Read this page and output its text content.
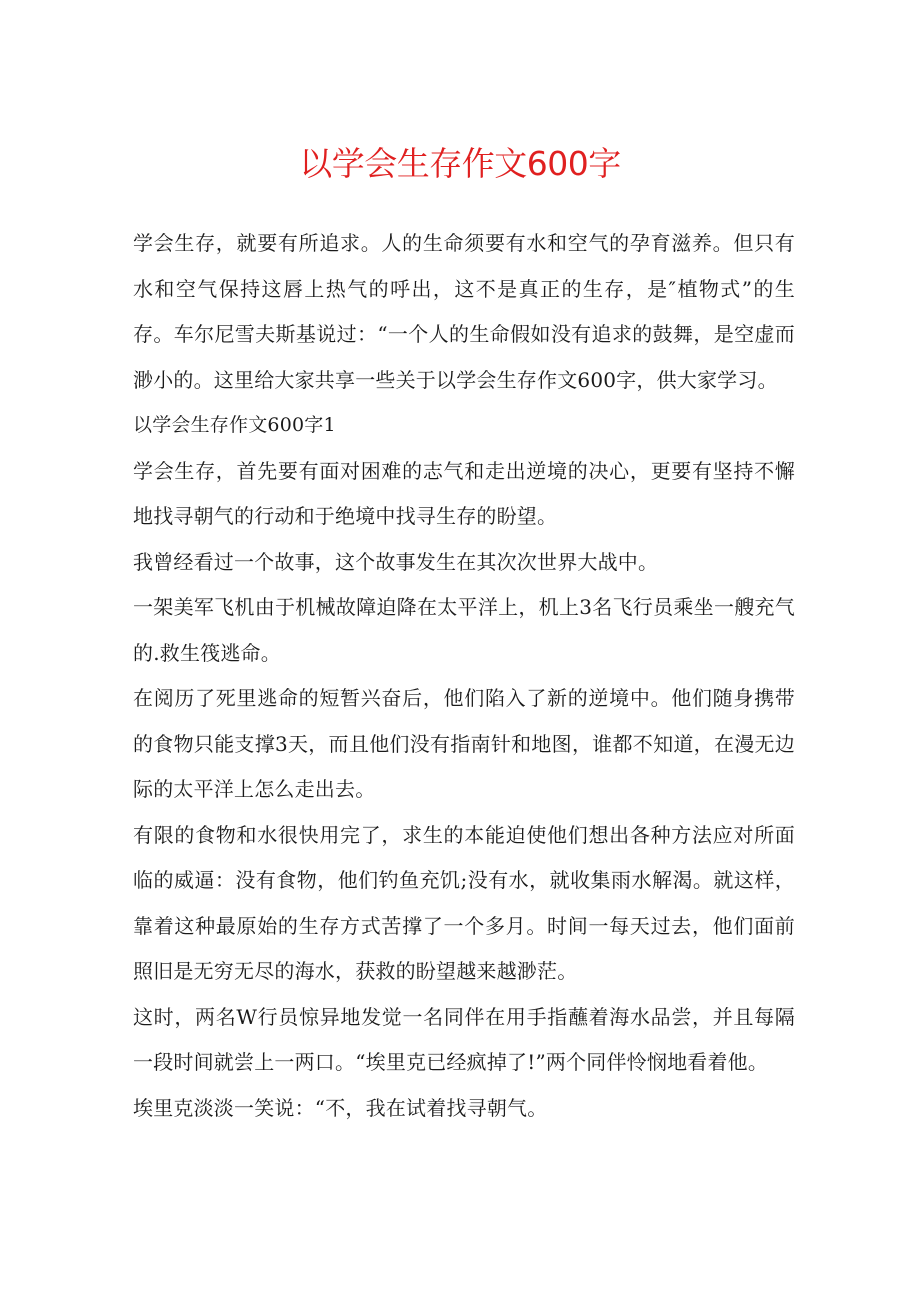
以学会生存作文600字

学会生存，就要有所追求。人的生命须要有水和空气的孕育滋养。但只有水和空气保持这唇上热气的呼出，这不是真正的生存，是″植物式”的生存。车尔尼雪夫斯基说过：“一个人的生命假如没有追求的鼓舞，是空虚而渺小的。这里给大家共享一些关于以学会生存作文600字，供大家学习。

以学会生存作文600字1

学会生存，首先要有面对困难的志气和走出逆境的决心，更要有坚持不懈地找寻朝气的行动和于绝境中找寻生存的盼望。

我曾经看过一个故事，这个故事发生在其次次世界大战中。

一架美军飞机由于机械故障迫降在太平洋上，机上3名飞行员乘坐一艘充气的.救生筏逃命。

在阅历了死里逃命的短暂兴奋后，他们陷入了新的逆境中。他们随身携带的食物只能支撑3天，而且他们没有指南针和地图，谁都不知道，在漫无边际的太平洋上怎么走出去。

有限的食物和水很快用完了，求生的本能迫使他们想出各种方法应对所面临的威逼：没有食物，他们钓鱼充饥;没有水，就收集雨水解渴。就这样，靠着这种最原始的生存方式苦撑了一个多月。时间一每天过去，他们面前照旧是无穷无尽的海水，获救的盼望越来越渺茫。

这时，两名W行员惊异地发觉一名同伴在用手指蘸着海水品尝，并且每隔一段时间就尝上一两口。“埃里克已经疯掉了!”两个同伴怜悯地看着他。

埃里克淡淡一笑说：“不，我在试着找寻朝气。
